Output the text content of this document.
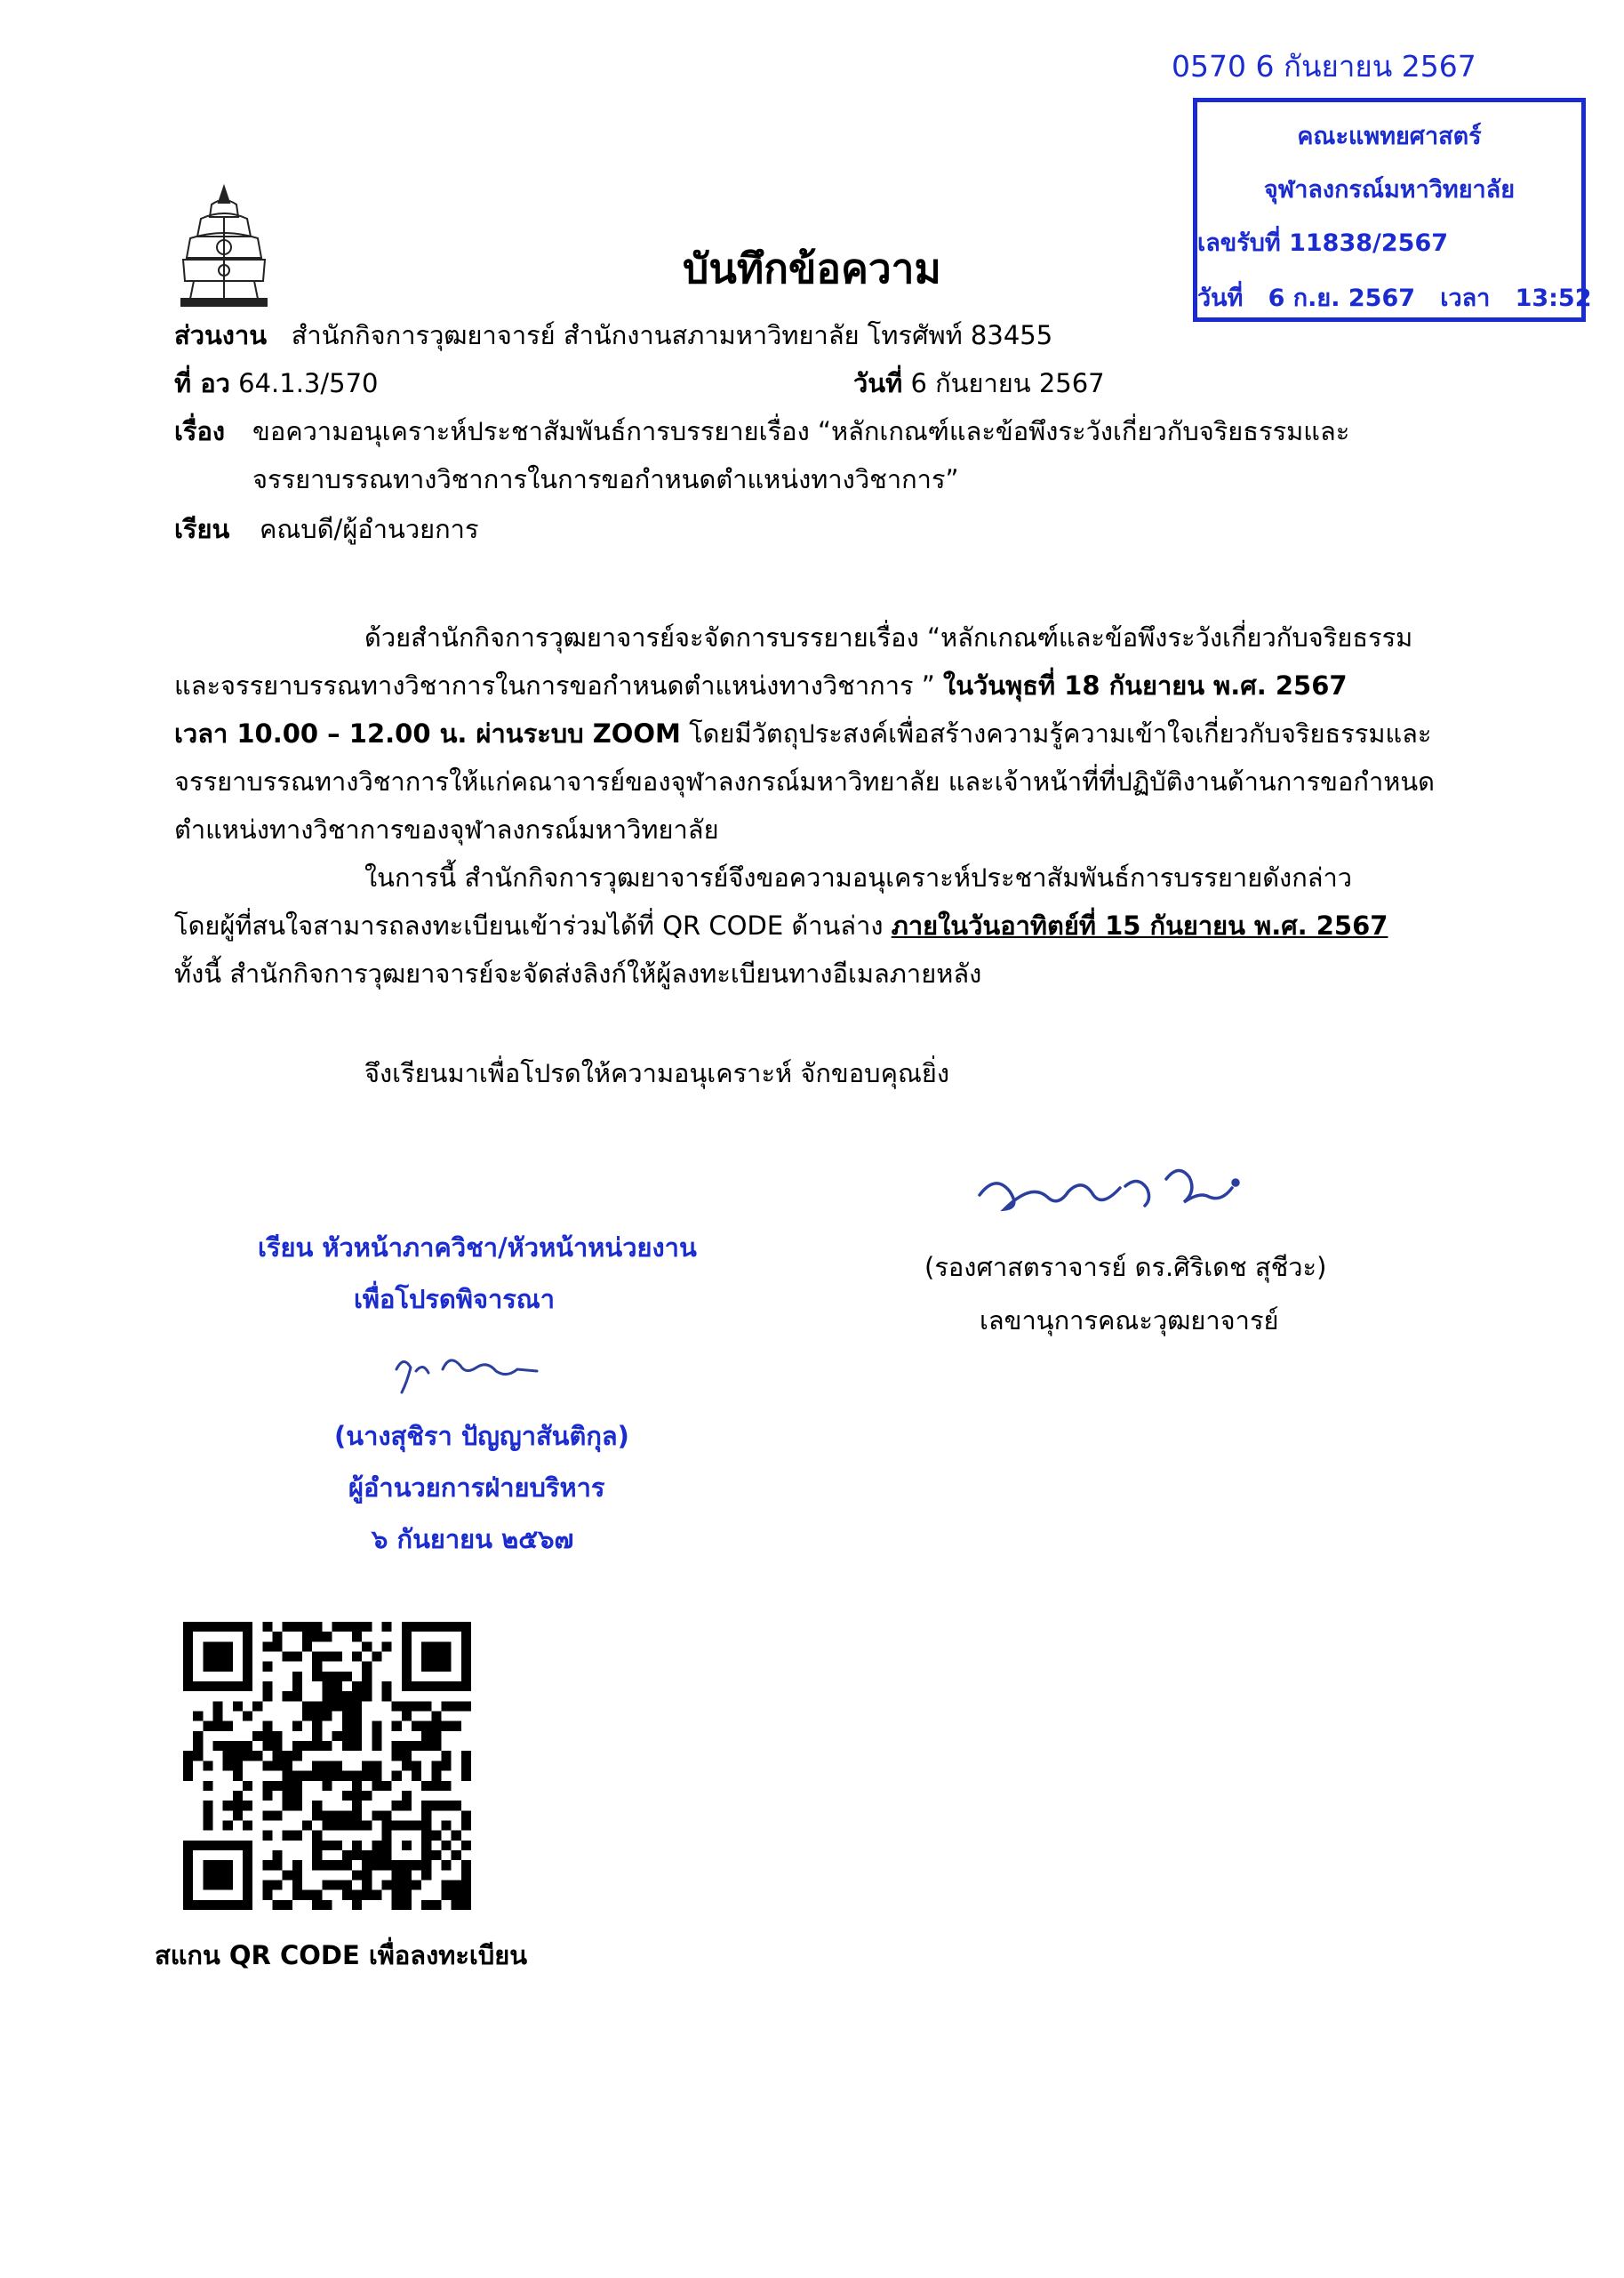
0570 6 กันยายน 2567
คณะแพทยศาสตร์
จุฬาลงกรณ์มหาวิทยาลัย
เลขรับที่ 11838/2567
วันที่ 6 ก.ย. 2567 เวลา 13:52
บันทึกข้อความ
ส่วนงาน สำนักกิจการวุฒยาจารย์ สำนักงานสภามหาวิทยาลัย โทรศัพท์ 83455
ที่ อว 64.1.3/570	วันที่ 6 กันยายน 2567
เรื่อง ขอความอนุเคราะห์ประชาสัมพันธ์การบรรยายเรื่อง “หลักเกณฑ์และข้อพึงระวังเกี่ยวกับจริยธรรมและ
จรรยาบรรณทางวิชาการในการขอกำหนดตำแหน่งทางวิชาการ”
เรียน คณบดี/ผู้อำนวยการ
ด้วยสำนักกิจการวุฒยาจารย์จะจัดการบรรยายเรื่อง “หลักเกณฑ์และข้อพึงระวังเกี่ยวกับจริยธรรม
และจรรยาบรรณทางวิชาการในการขอกำหนดตำแหน่งทางวิชาการ ” ในวันพุธที่ 18 กันยายน พ.ศ. 2567
เวลา 10.00 – 12.00 น. ผ่านระบบ ZOOM โดยมีวัตถุประสงค์เพื่อสร้างความรู้ความเข้าใจเกี่ยวกับจริยธรรมและ
จรรยาบรรณทางวิชาการให้แก่คณาจารย์ของจุฬาลงกรณ์มหาวิทยาลัย และเจ้าหน้าที่ที่ปฏิบัติงานด้านการขอกำหนด
ตำแหน่งทางวิชาการของจุฬาลงกรณ์มหาวิทยาลัย
ในการนี้ สำนักกิจการวุฒยาจารย์จึงขอความอนุเคราะห์ประชาสัมพันธ์การบรรยายดังกล่าว
โดยผู้ที่สนใจสามารถลงทะเบียนเข้าร่วมได้ที่ QR CODE ด้านล่าง ภายในวันอาทิตย์ที่ 15 กันยายน พ.ศ. 2567
ทั้งนี้ สำนักกิจการวุฒยาจารย์จะจัดส่งลิงก์ให้ผู้ลงทะเบียนทางอีเมลภายหลัง
จึงเรียนมาเพื่อโปรดให้ความอนุเคราะห์ จักขอบคุณยิ่ง
(รองศาสตราจารย์ ดร.ศิริเดช สุชีวะ)
เลขานุการคณะวุฒยาจารย์
เรียน หัวหน้าภาควิชา/หัวหน้าหน่วยงาน
เพื่อโปรดพิจารณา
(นางสุชิรา ปัญญาสันติกุล)
ผู้อำนวยการฝ่ายบริหาร
๖ กันยายน ๒๕๖๗
สแกน QR CODE เพื่อลงทะเบียน
